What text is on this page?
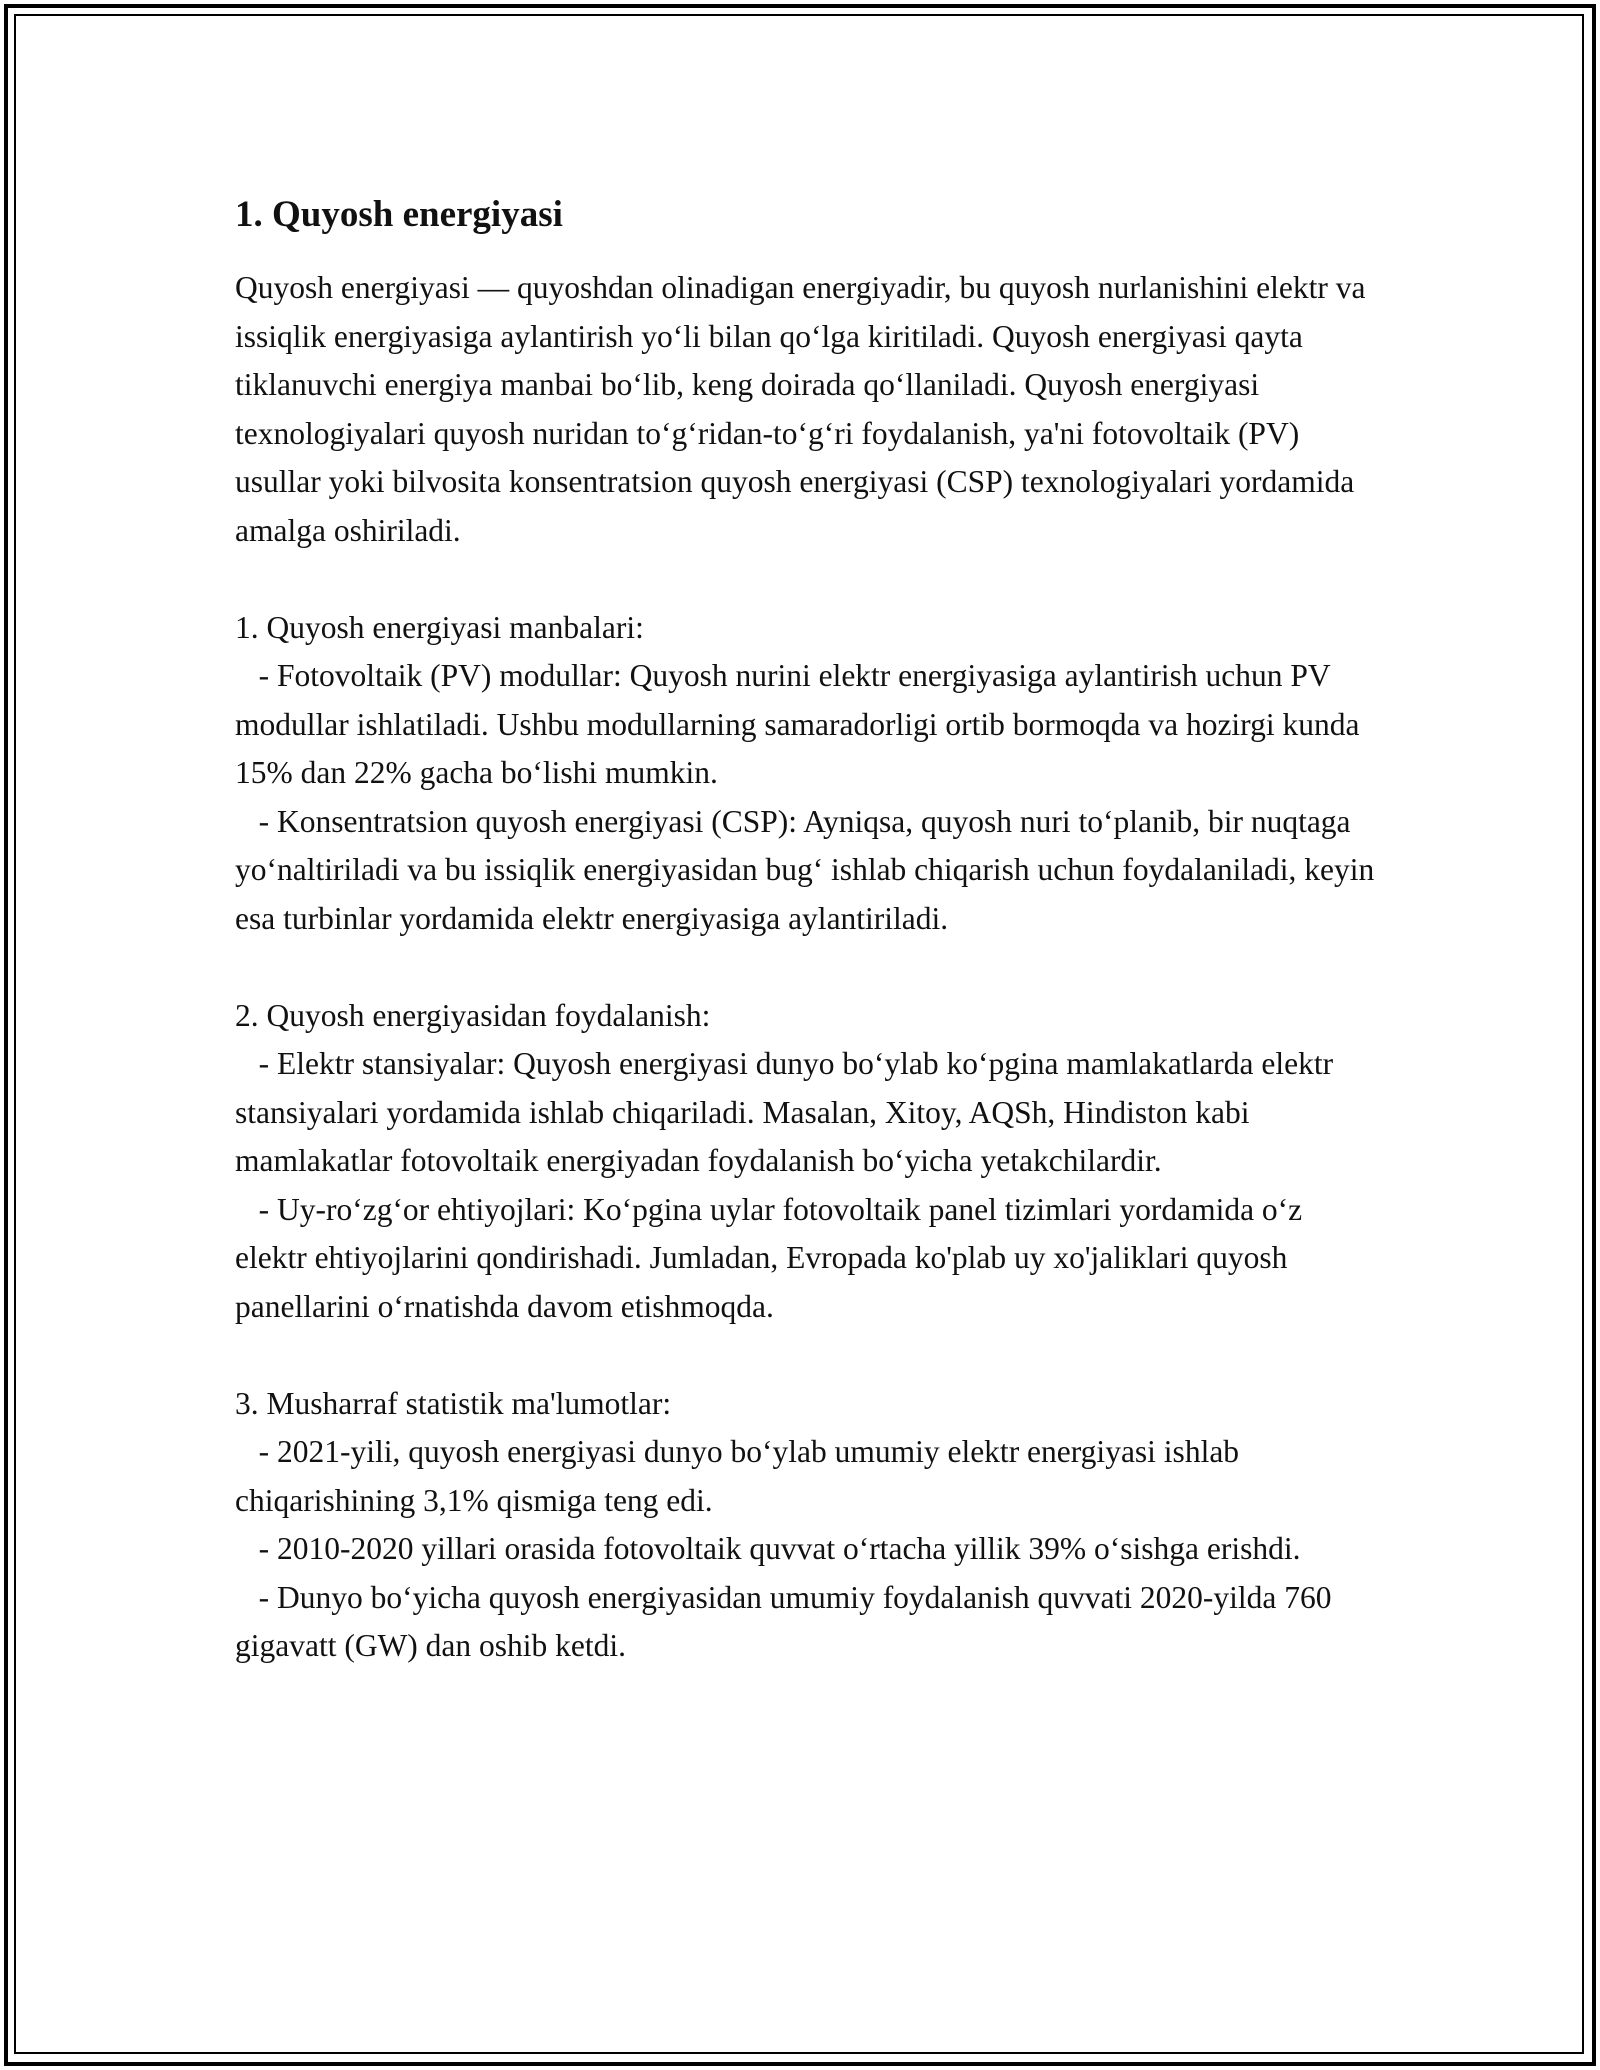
1. Quyosh energiyasi

Quyosh energiyasi — quyoshdan olinadigan energiyadir, bu quyosh nurlanishini elektr va issiqlik energiyasiga aylantirish yo‘li bilan qo‘lga kiritiladi. Quyosh energiyasi qayta tiklanuvchi energiya manbai bo‘lib, keng doirada qo‘llaniladi. Quyosh energiyasi texnologiyalari quyosh nuridan to‘g‘ridan-to‘g‘ri foydalanish, ya'ni fotovoltaik (PV) usullar yoki bilvosita konsentratsion quyosh energiyasi (CSP) texnologiyalari yordamida amalga oshiriladi.

1. Quyosh energiyasi manbalari:
- Fotovoltaik (PV) modullar: Quyosh nurini elektr energiyasiga aylantirish uchun PV modullar ishlatiladi. Ushbu modullarning samaradorligi ortib bormoqda va hozirgi kunda 15% dan 22% gacha bo‘lishi mumkin.
- Konsentratsion quyosh energiyasi (CSP): Ayniqsa, quyosh nuri to‘planib, bir nuqtaga yo‘naltiriladi va bu issiqlik energiyasidan bug‘ ishlab chiqarish uchun foydalaniladi, keyin esa turbinlar yordamida elektr energiyasiga aylantiriladi.
2. Quyosh energiyasidan foydalanish:
- Elektr stansiyalar: Quyosh energiyasi dunyo bo‘ylab ko‘pgina mamlakatlarda elektr stansiyalari yordamida ishlab chiqariladi. Masalan, Xitoy, AQSh, Hindiston kabi mamlakatlar fotovoltaik energiyadan foydalanish bo‘yicha yetakchilardir.
- Uy-ro‘zg‘or ehtiyojlari: Ko‘pgina uylar fotovoltaik panel tizimlari yordamida o‘z elektr ehtiyojlarini qondirishadi. Jumladan, Evropada ko'plab uy xo'jaliklari quyosh panellarini o‘rnatishda davom etishmoqda.
3. Musharraf statistik ma'lumotlar:
- 2021-yili, quyosh energiyasi dunyo bo‘ylab umumiy elektr energiyasi ishlab chiqarishining 3,1% qismiga teng edi.
- 2010-2020 yillari orasida fotovoltaik quvvat o‘rtacha yillik 39% o‘sishga erishdi.
- Dunyo bo‘yicha quyosh energiyasidan umumiy foydalanish quvvati 2020-yilda 760 gigavatt (GW) dan oshib ketdi.
